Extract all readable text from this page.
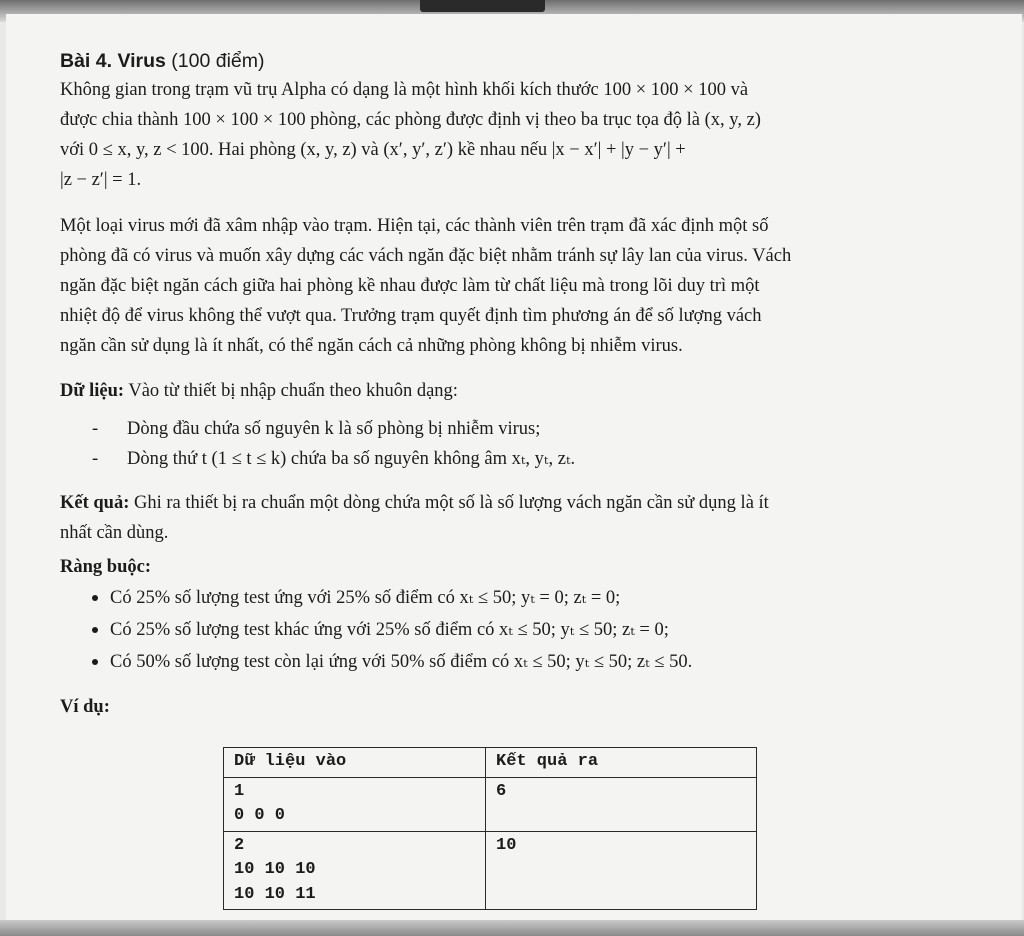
Bài 4. Virus (100 điểm)

Không gian trong trạm vũ trụ Alpha có dạng là một hình khối kích thước 100 × 100 × 100 và
được chia thành 100 × 100 × 100 phòng, các phòng được định vị theo ba trục tọa độ là (x, y, z)
với 0 ≤ x, y, z < 100. Hai phòng (x, y, z) và (x′, y′, z′) kề nhau nếu |x − x′| + |y − y′| +
|z − z′| = 1.

Một loại virus mới đã xâm nhập vào trạm. Hiện tại, các thành viên trên trạm đã xác định một số
phòng đã có virus và muốn xây dựng các vách ngăn đặc biệt nhằm tránh sự lây lan của virus. Vách
ngăn đặc biệt ngăn cách giữa hai phòng kề nhau được làm từ chất liệu mà trong lõi duy trì một
nhiệt độ để virus không thể vượt qua. Trưởng trạm quyết định tìm phương án để số lượng vách
ngăn cần sử dụng là ít nhất, có thể ngăn cách cả những phòng không bị nhiễm virus.

Dữ liệu: Vào từ thiết bị nhập chuẩn theo khuôn dạng:

- Dòng đầu chứa số nguyên k là số phòng bị nhiễm virus;
- Dòng thứ t (1 ≤ t ≤ k) chứa ba số nguyên không âm xₜ, yₜ, zₜ.

Kết quả: Ghi ra thiết bị ra chuẩn một dòng chứa một số là số lượng vách ngăn cần sử dụng là ít
nhất cần dùng.

Ràng buộc:

Có 25% số lượng test ứng với 25% số điểm có xₜ ≤ 50; yₜ = 0; zₜ = 0;
Có 25% số lượng test khác ứng với 25% số điểm có xₜ ≤ 50; yₜ ≤ 50; zₜ = 0;
Có 50% số lượng test còn lại ứng với 50% số điểm có xₜ ≤ 50; yₜ ≤ 50; zₜ ≤ 50.

Ví dụ:

Dữ liệu vào	Kết quả ra

1
0 0 0	6

2
10 10 10
10 10 11	10
